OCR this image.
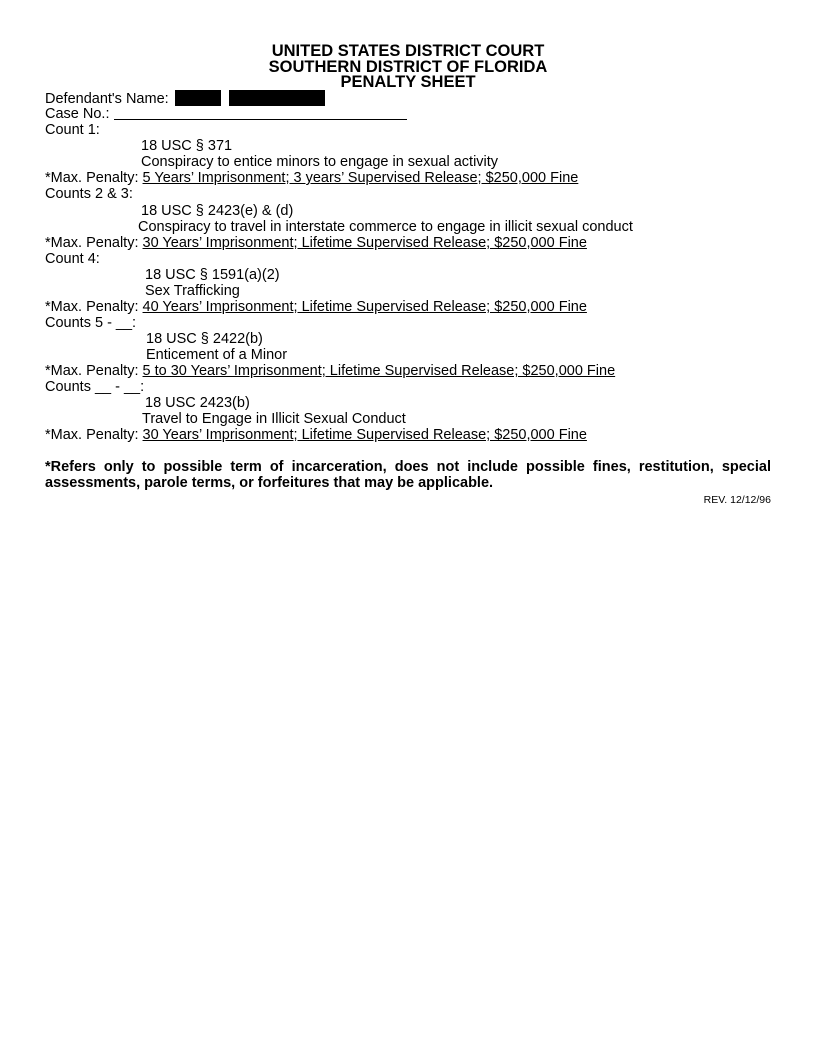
UNITED STATES DISTRICT COURT
SOUTHERN DISTRICT OF FLORIDA
PENALTY SHEET
Defendant's Name:
Case No.:
Count 1:
18 USC § 371
Conspiracy to entice minors to engage in sexual activity
*Max. Penalty: 5 Years’ Imprisonment; 3 years’ Supervised Release; $250,000 Fine
Counts 2 & 3:
18 USC § 2423(e) & (d)
Conspiracy to travel in interstate commerce to engage in illicit sexual conduct
*Max. Penalty: 30 Years’ Imprisonment; Lifetime Supervised Release; $250,000 Fine
Count 4:
18 USC § 1591(a)(2)
Sex Trafficking
*Max. Penalty: 40 Years’ Imprisonment; Lifetime Supervised Release; $250,000 Fine
Counts 5 - __:
18 USC § 2422(b)
Enticement of a Minor
*Max. Penalty: 5 to 30 Years’ Imprisonment; Lifetime Supervised Release; $250,000 Fine
Counts __ - __:
18 USC 2423(b)
Travel to Engage in Illicit Sexual Conduct
*Max. Penalty: 30 Years’ Imprisonment; Lifetime Supervised Release; $250,000 Fine
*Refers only to possible term of incarceration, does not include possible fines, restitution, special assessments, parole terms, or forfeitures that may be applicable.
REV. 12/12/96
